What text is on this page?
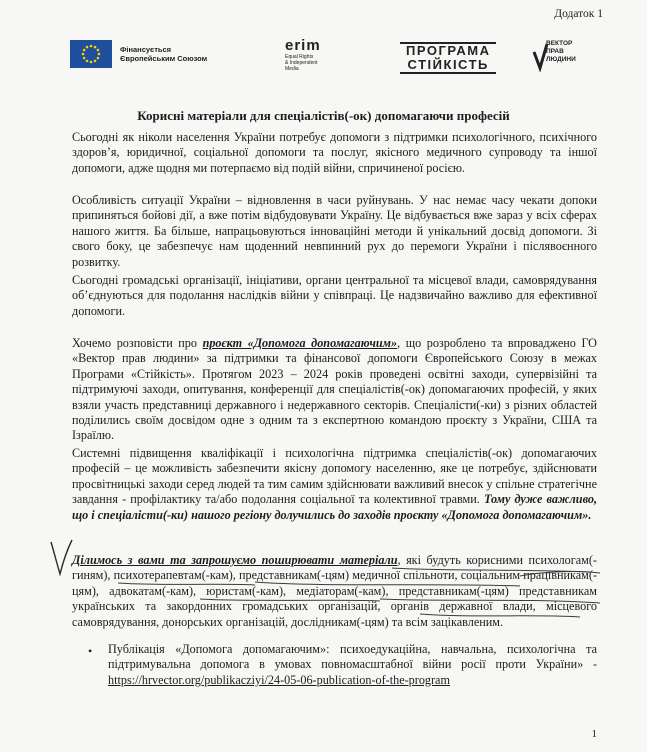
Додаток 1
Фінансується
Європейським Союзом
erim
Equal Rights
& Independent
Media
ПРОГРАМА
СТІЙКІСТЬ
ВЕКТОР
ПРАВ
ЛЮДИНИ
Корисні матеріали для спеціалістів(-ок) допомагаючи професій
Сьогодні як ніколи населення України потребує допомоги з підтримки психологічного, психічного здоров’я, юридичної, соціальної допомоги та послуг, якісного медичного супроводу та іншої допомоги, адже щодня ми потерпаємо від подій війни, спричиненої росією.
Особливість ситуації України – відновлення в часи руйнувань. У нас немає часу чекати допоки припиняться бойові дії, а вже потім відбудовувати Україну. Це відбувається вже зараз у всіх сферах нашого життя. Ба більше, напрацьовуються інноваційні методи й унікальний досвід допомоги. Зі свого боку, це забезпечує нам щоденний невпинний рух до перемоги України і післявоєнного розвитку.
Сьогодні громадські організації, ініціативи, органи центральної та місцевої влади, самоврядування об’єднуються для подолання наслідків війни у співпраці. Це надзвичайно важливо для ефективної допомоги.
Хочемо розповісти про проєкт «Допомога допомагаючим», що розроблено та впроваджено ГО «Вектор прав людини» за підтримки та фінансової допомоги Європейського Союзу в межах Програми «Стійкість». Протягом 2023 – 2024 років проведені освітні заходи, супервізійні та підтримуючі заходи, опитування, конференції для спеціалістів(-ок) допомагаючих професій, у яких взяли участь представниці державного і недержавного секторів. Спеціалісти(-ки) з різних областей поділились своїм досвідом одне з одним та з експертною командою проєкту з України, США та Ізраїлю.
Системні підвищення кваліфікації і психологічна підтримка спеціалістів(-ок) допомагаючих професій – це можливість забезпечити якісну допомогу населенню, яке це потребує, здійснювати просвітницькі заходи серед людей та тим самим здійснювати важливий внесок у спільне стратегічне завдання - профілактику та/або подолання соціальної та колективної травми. Тому дуже важливо, що і спеціалісти(-ки) нашого регіону долучились до заходів проєкту «Допомога допомагаючим».
Ділимось з вами та запрошуємо поширювати матеріали, які будуть корисними психологам(-гиням), психотерапевтам(-кам), представникам(-цям) медичної спільноти, соціальним працівникам(-цям), адвокатам(-кам), юристам(-кам), медіаторам(-кам), представникам(-цям) представникам українських та закордонних громадських організацій, органів державної влади, місцевого самоврядування, донорських організацій, дослідникам(-цям) та всім зацікавленим.
• Публікація «Допомога допомагаючим»: психоедукаційна, навчальна, психологічна та підтримувальна допомога в умовах повномасштабної війни росії проти України» - https://hrvector.org/publikacziyi/24-05-06-publication-of-the-program
1
